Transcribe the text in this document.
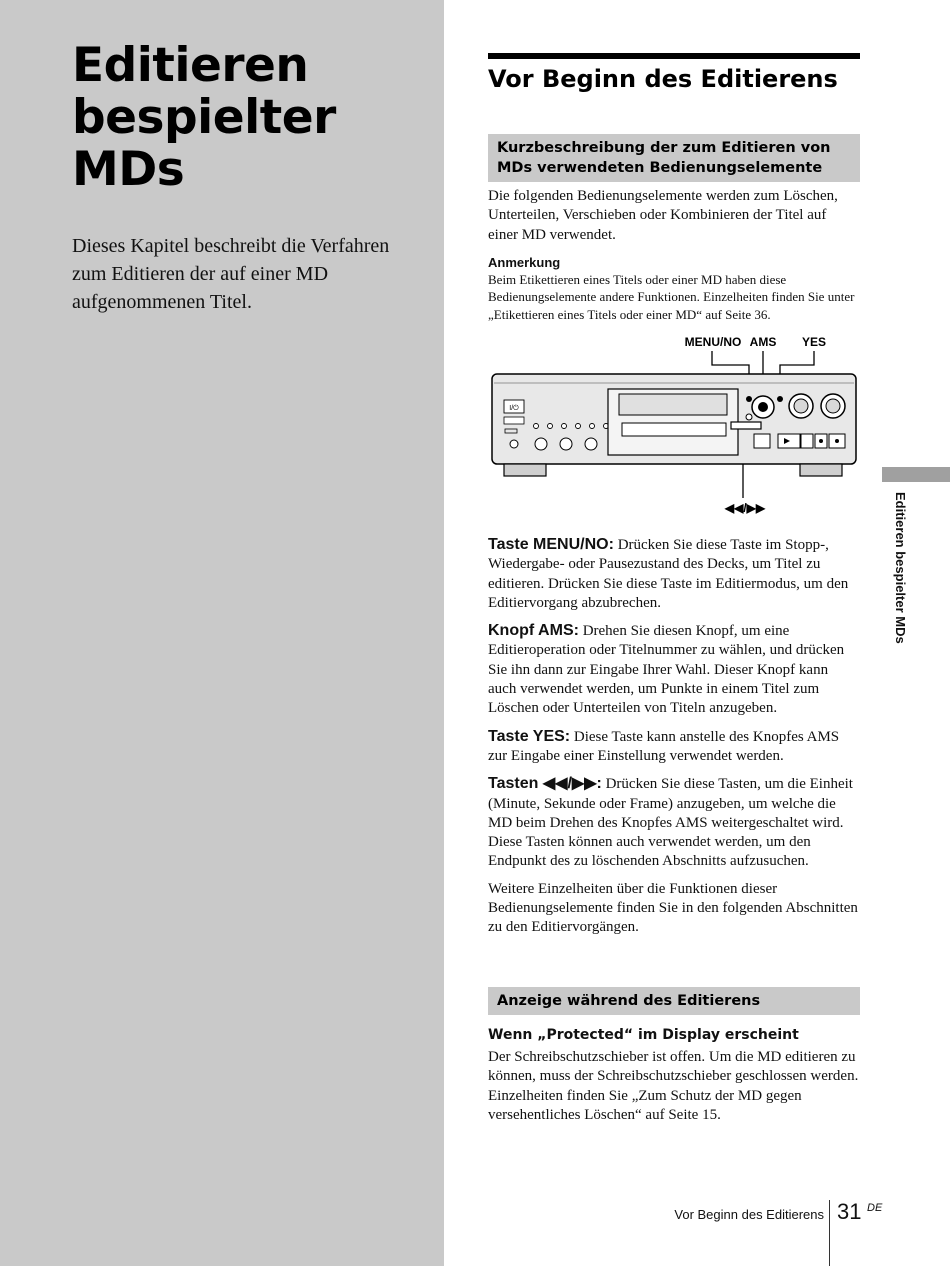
Editieren
bespielter
MDs

Dieses Kapitel beschreibt die Verfahren zum Editieren der auf einer MD aufgenommenen Titel.

Vor Beginn des Editierens
Kurzbeschreibung der zum Editieren von MDs verwendeten Bedienungselemente

Die folgenden Bedienungselemente werden zum Löschen, Unterteilen, Verschieben oder Kombinieren der Titel auf einer MD verwendet.

Anmerkung

Beim Etikettieren eines Titels oder einer MD haben diese Bedienungselemente andere Funktionen. Einzelheiten finden Sie unter „Etikettieren eines Titels oder einer MD“ auf Seite 36.

MENU/NO AMS YES
I/⏻
◀◀/▶▶

Taste MENU/NO: Drücken Sie diese Taste im Stopp-, Wiedergabe- oder Pausezustand des Decks, um Titel zu editieren. Drücken Sie diese Taste im Editiermodus, um den Editiervorgang abzubrechen.

Knopf AMS: Drehen Sie diesen Knopf, um eine Editieroperation oder Titelnummer zu wählen, und drücken Sie ihn dann zur Eingabe Ihrer Wahl. Dieser Knopf kann auch verwendet werden, um Punkte in einem Titel zum Löschen oder Unterteilen von Titeln anzugeben.

Taste YES: Diese Taste kann anstelle des Knopfes AMS zur Eingabe einer Einstellung verwendet werden.

Tasten ◀◀/▶▶: Drücken Sie diese Tasten, um die Einheit (Minute, Sekunde oder Frame) anzugeben, um welche die MD beim Drehen des Knopfes AMS weitergeschaltet wird. Diese Tasten können auch verwendet werden, um den Endpunkt des zu löschenden Abschnitts aufzusuchen.

Weitere Einzelheiten über die Funktionen dieser Bedienungselemente finden Sie in den folgenden Abschnitten zu den Editiervorgängen.

Anzeige während des Editierens

Wenn „Protected“ im Display erscheint

Der Schreibschutzschieber ist offen. Um die MD editieren zu können, muss der Schreibschutzschieber geschlossen werden. Einzelheiten finden Sie „Zum Schutz der MD gegen versehentliches Löschen“ auf Seite 15.

Editieren bespielter MDs
Vor Beginn des Editierens 31 DE
